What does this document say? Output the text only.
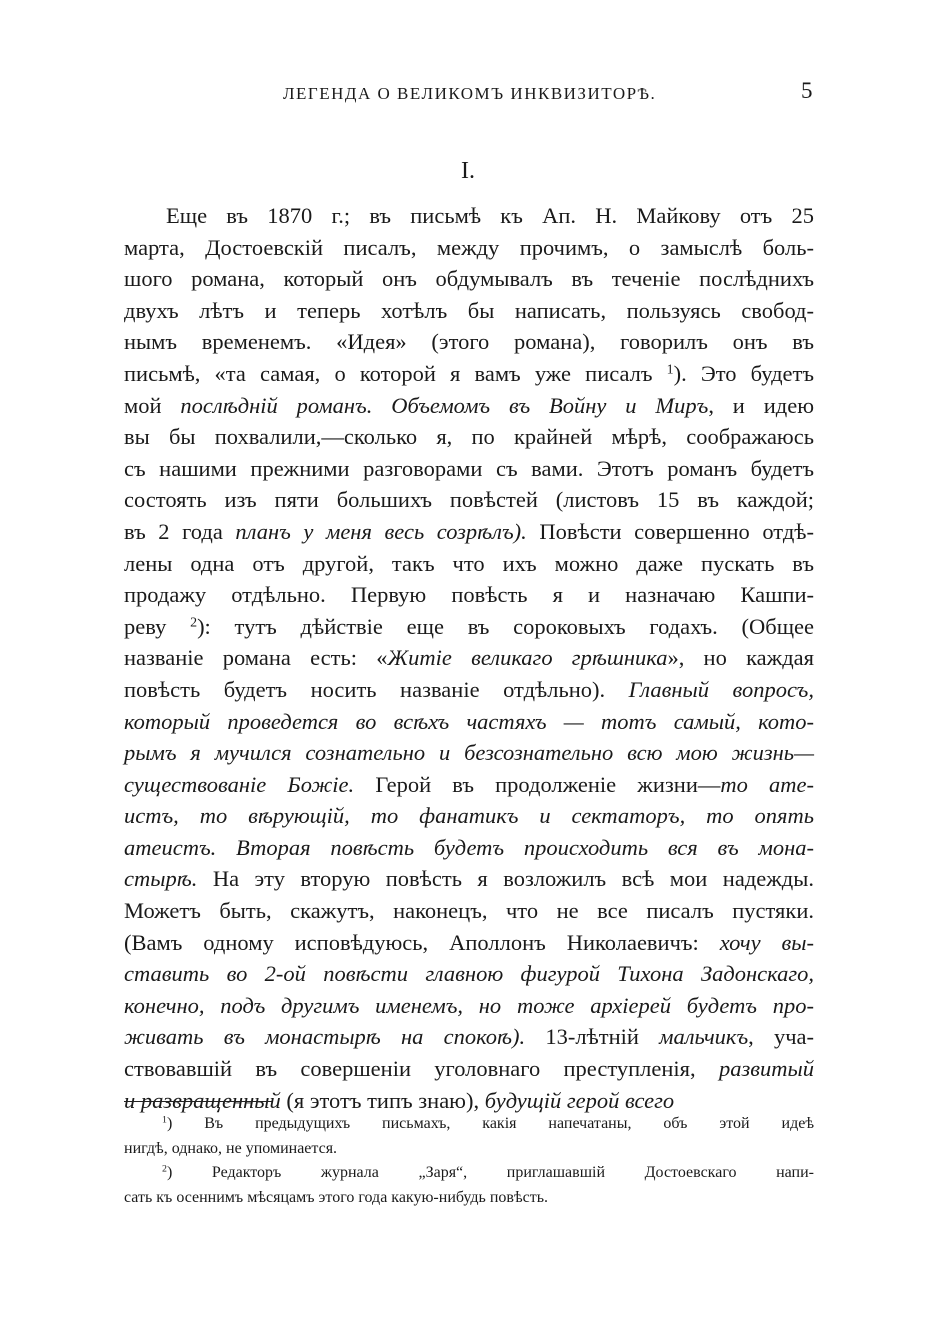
ЛЕГЕНДА О ВЕЛИКОМЪ ИНКВИЗИТОРѢ.	5
I.
Еще въ 1870 г.; въ письмѣ къ Ап. Н. Майкову отъ 25
марта, Достоевскій писалъ, между прочимъ, о замыслѣ боль-
шого романа, который онъ обдумывалъ въ теченіе послѣднихъ
двухъ лѣтъ и теперь хотѣлъ бы написать, пользуясь свобод-
нымъ временемъ. «Идея» (этого романа), говорилъ онъ въ
письмѣ, «та самая, о которой я вамъ уже писалъ $^1$). Это будетъ
мой послѣдній романъ. Объемомъ въ Войну и Миръ, и идею
вы бы похвалили,—сколько я, по крайней мѣрѣ, соображаюсь
съ нашими прежними разговорами съ вами. Этотъ романъ будетъ
состоять изъ пяти большихъ повѣстей (листовъ 15 въ каждой;
въ 2 года планъ у меня весь созрѣлъ). Повѣсти совершенно отдѣ-
лены одна отъ другой, такъ что ихъ можно даже пускать въ
продажу отдѣльно. Первую повѣсть я и назначаю Кашпи-
реву $^2$): тутъ дѣйствіе еще въ сороковыхъ годахъ. (Общее
названіе романа есть: «Житіе великаго грѣшника», но каждая
повѣсть будетъ носить названіе отдѣльно). Главный вопросъ,
который проведется во всѣхъ частяхъ — тотъ самый, кото-
рымъ я мучился сознательно и безсознательно всю мою жизнь—
существованіе Божіе. Герой въ продолженіе жизни—то ате-
истъ, то вѣрующій, то фанатикъ и сектаторъ, то опять
атеистъ. Вторая повѣсть будетъ происходить вся въ мона-
стырѣ. На эту вторую повѣсть я возложилъ всѣ мои надежды.
Можетъ быть, скажутъ, наконецъ, что не все писалъ пустяки.
(Вамъ одному исповѣдуюсь, Аполлонъ Николаевичъ: хочу вы-
ставить во 2-ой повѣсти главною фигурой Тихона Задонскаго,
конечно, подъ другимъ именемъ, но тоже архіерей будетъ про-
живать въ монастырѣ на спокоѣ). 13-лѣтній мальчикъ, уча-
ствовавшій въ совершеніи уголовнаго преступленія, развитый
и развращенный (я этотъ типъ знаю), будущій герой всего
$^1$) Въ предыдущихъ письмахъ, какія напечатаны, объ этой идеѣ
нигдѣ, однако, не упоминается.
$^2$) Редакторъ журнала „Заря“, приглашавшій Достоевскаго напи-
сать къ осеннимъ мѣсяцамъ этого года какую-нибудь повѣсть.
